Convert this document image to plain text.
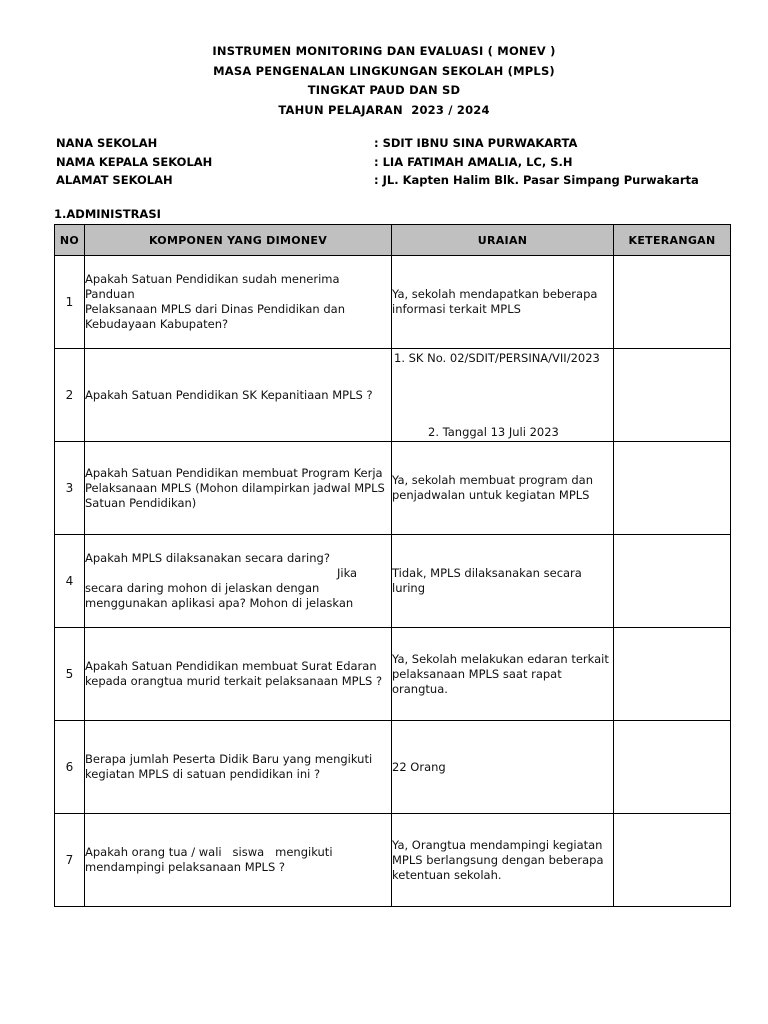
INSTRUMEN MONITORING DAN EVALUASI ( MONEV )
MASA PENGENALAN LINGKUNGAN SEKOLAH (MPLS)
TINGKAT PAUD DAN SD
TAHUN PELAJARAN  2023 / 2024
NANA SEKOLAH	: SDIT IBNU SINA PURWAKARTA
NAMA KEPALA SEKOLAH	: LIA FATIMAH AMALIA, LC, S.H
ALAMAT SEKOLAH	: JL. Kapten Halim Blk. Pasar Simpang Purwakarta
1.ADMINISTRASI
NO	KOMPONEN YANG DIMONEV	URAIAN	KETERANGAN
1	Apakah Satuan Pendidikan sudah menerima Panduan
Pelaksanaan MPLS dari Dinas Pendidikan dan
Kebudayaan Kabupaten?	Ya, sekolah mendapatkan beberapa
informasi terkait MPLS	

2	Apakah Satuan Pendidikan SK Kepanitiaan MPLS ?	1. SK No. 02/SDIT/PERSINA/VII/2023
2. Tanggal 13 Juli 2023	

3	Apakah Satuan Pendidikan membuat Program Kerja
Pelaksanaan MPLS (Mohon dilampirkan jadwal MPLS
Satuan Pendidikan)	Ya, sekolah membuat program dan
penjadwalan untuk kegiatan MPLS	

4	Apakah MPLS dilaksanakan secara daring?
Jika
secara daring mohon di jelaskan dengan
menggunakan aplikasi apa? Mohon di jelaskan	Tidak, MPLS dilaksanakan secara
luring	

5	Apakah Satuan Pendidikan membuat Surat Edaran
kepada orangtua murid terkait pelaksanaan MPLS ?	Ya, Sekolah melakukan edaran terkait
pelaksanaan MPLS saat rapat
orangtua.	

6	Berapa jumlah Peserta Didik Baru yang mengikuti
kegiatan MPLS di satuan pendidikan ini ?	22 Orang	

7	Apakah orang tua / wali   siswa   mengikuti
mendampingi pelaksanaan MPLS ?	Ya, Orangtua mendampingi kegiatan
MPLS berlangsung dengan beberapa
ketentuan sekolah.	
